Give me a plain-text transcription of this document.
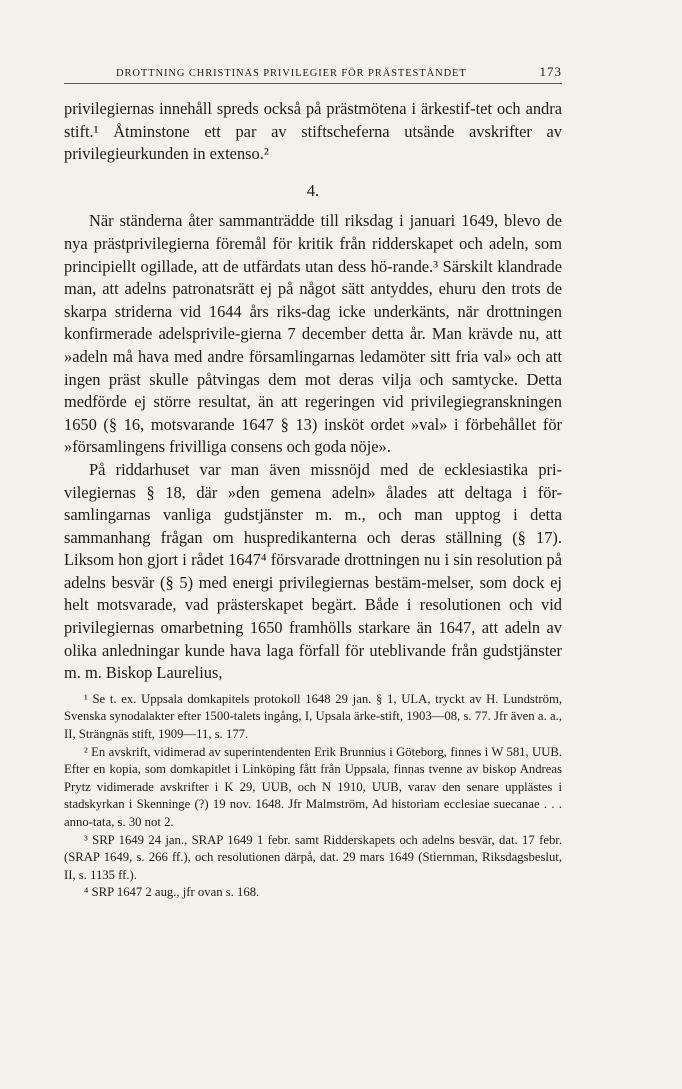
DROTTNING CHRISTINAS PRIVILEGIER FÖR PRÄSTESTÅNDET	173

privilegiernas innehåll spreds också på prästmötena i ärkestif-tet och andra stift.¹ Åtminstone ett par av stiftscheferna utsände avskrifter av privilegieurkunden in extenso.²

4.

När ständerna åter sammanträdde till riksdag i januari 1649, blevo de nya prästprivilegierna föremål för kritik från ridderskapet och adeln, som principiellt ogillade, att de utfärdats utan dess hö-rande.³ Särskilt klandrade man, att adelns patronatsrätt ej på något sätt antyddes, ehuru den trots de skarpa striderna vid 1644 års riks-dag icke underkänts, när drottningen konfirmerade adelsprivile-gierna 7 december detta år. Man krävde nu, att »adeln må hava med andre församlingarnas ledamöter sitt fria val» och att ingen präst skulle påtvingas dem mot deras vilja och samtycke. Detta medförde ej större resultat, än att regeringen vid privilegiegranskningen 1650 (§ 16, motsvarande 1647 § 13) insköt ordet »val» i förbehållet för »församlingens frivilliga consens och goda nöje».

På riddarhuset var man även missnöjd med de ecklesiastika pri-vilegiernas § 18, där »den gemena adeln» ålades att deltaga i för-samlingarnas vanliga gudstjänster m. m., och man upptog i detta sammanhang frågan om huspredikanterna och deras ställning (§ 17). Liksom hon gjort i rådet 1647⁴ försvarade drottningen nu i sin resolution på adelns besvär (§ 5) med energi privilegiernas bestäm-melser, som dock ej helt motsvarade, vad prästerskapet begärt. Både i resolutionen och vid privilegiernas omarbetning 1650 framhölls starkare än 1647, att adeln av olika anledningar kunde hava laga förfall för uteblivande från gudstjänster m. m. Biskop Laurelius,

¹ Se t. ex. Uppsala domkapitels protokoll 1648 29 jan. § 1, ULA, tryckt av H. Lundström, Svenska synodalakter efter 1500-talets ingång, I, Upsala ärke-stift, 1903—08, s. 77. Jfr även a. a., II, Strängnäs stift, 1909—11, s. 177.

² En avskrift, vidimerad av superintendenten Erik Brunnius i Göteborg, finnes i W 581, UUB. Efter en kopia, som domkapitlet i Linköping fått från Uppsala, finnas tvenne av biskop Andreas Prytz vidimerade avskrifter i K 29, UUB, och N 1910, UUB, varav den senare upplästes i stadskyrkan i Skenninge (?) 19 nov. 1648. Jfr Malmström, Ad historiam ecclesiae suecanae . . . anno-tata, s. 30 not 2.

³ SRP 1649 24 jan., SRAP 1649 1 febr. samt Ridderskapets och adelns besvär, dat. 17 febr. (SRAP 1649, s. 266 ff.), och resolutionen därpå, dat. 29 mars 1649 (Stiernman, Riksdagsbeslut, II, s. 1135 ff.).

⁴ SRP 1647 2 aug., jfr ovan s. 168.
